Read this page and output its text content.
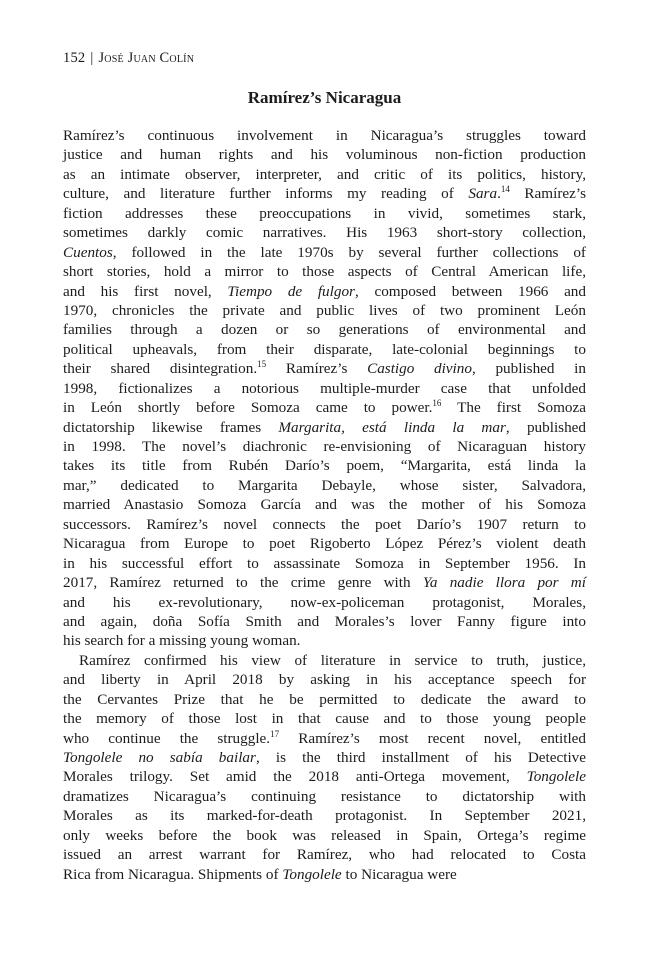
152 | José Juan Colín
Ramírez’s Nicaragua
Ramírez’s continuous involvement in Nicaragua’s struggles toward
justice and human rights and his voluminous non-fiction production
as an intimate observer, interpreter, and critic of its politics, history,
culture, and literature further informs my reading of Sara.$^{14}$ Ramírez’s
fiction addresses these preoccupations in vivid, sometimes stark,
sometimes darkly comic narratives. His 1963 short-story collection,
Cuentos, followed in the late 1970s by several further collections of
short stories, hold a mirror to those aspects of Central American life,
and his first novel, Tiempo de fulgor, composed between 1966 and
1970, chronicles the private and public lives of two prominent León
families through a dozen or so generations of environmental and
political upheavals, from their disparate, late-colonial beginnings to
their shared disintegration.$^{15}$ Ramírez’s Castigo divino, published in
1998, fictionalizes a notorious multiple-murder case that unfolded
in León shortly before Somoza came to power.$^{16}$ The first Somoza
dictatorship likewise frames Margarita, está linda la mar, published
in 1998. The novel’s diachronic re-envisioning of Nicaraguan history
takes its title from Rubén Darío’s poem, “Margarita, está linda la
mar,” dedicated to Margarita Debayle, whose sister, Salvadora,
married Anastasio Somoza García and was the mother of his Somoza
successors. Ramírez’s novel connects the poet Darío’s 1907 return to
Nicaragua from Europe to poet Rigoberto López Pérez’s violent death
in his successful effort to assassinate Somoza in September 1956. In
2017, Ramírez returned to the crime genre with Ya nadie llora por mí
and his ex-revolutionary, now-ex-policeman protagonist, Morales,
and again, doña Sofía Smith and Morales’s lover Fanny figure into
his search for a missing young woman.
Ramírez confirmed his view of literature in service to truth, justice,
and liberty in April 2018 by asking in his acceptance speech for
the Cervantes Prize that he be permitted to dedicate the award to
the memory of those lost in that cause and to those young people
who continue the struggle.$^{17}$ Ramírez’s most recent novel, entitled
Tongolele no sabía bailar, is the third installment of his Detective
Morales trilogy. Set amid the 2018 anti-Ortega movement, Tongolele
dramatizes Nicaragua’s continuing resistance to dictatorship with
Morales as its marked-for-death protagonist. In September 2021,
only weeks before the book was released in Spain, Ortega’s regime
issued an arrest warrant for Ramírez, who had relocated to Costa
Rica from Nicaragua. Shipments of Tongolele to Nicaragua were
